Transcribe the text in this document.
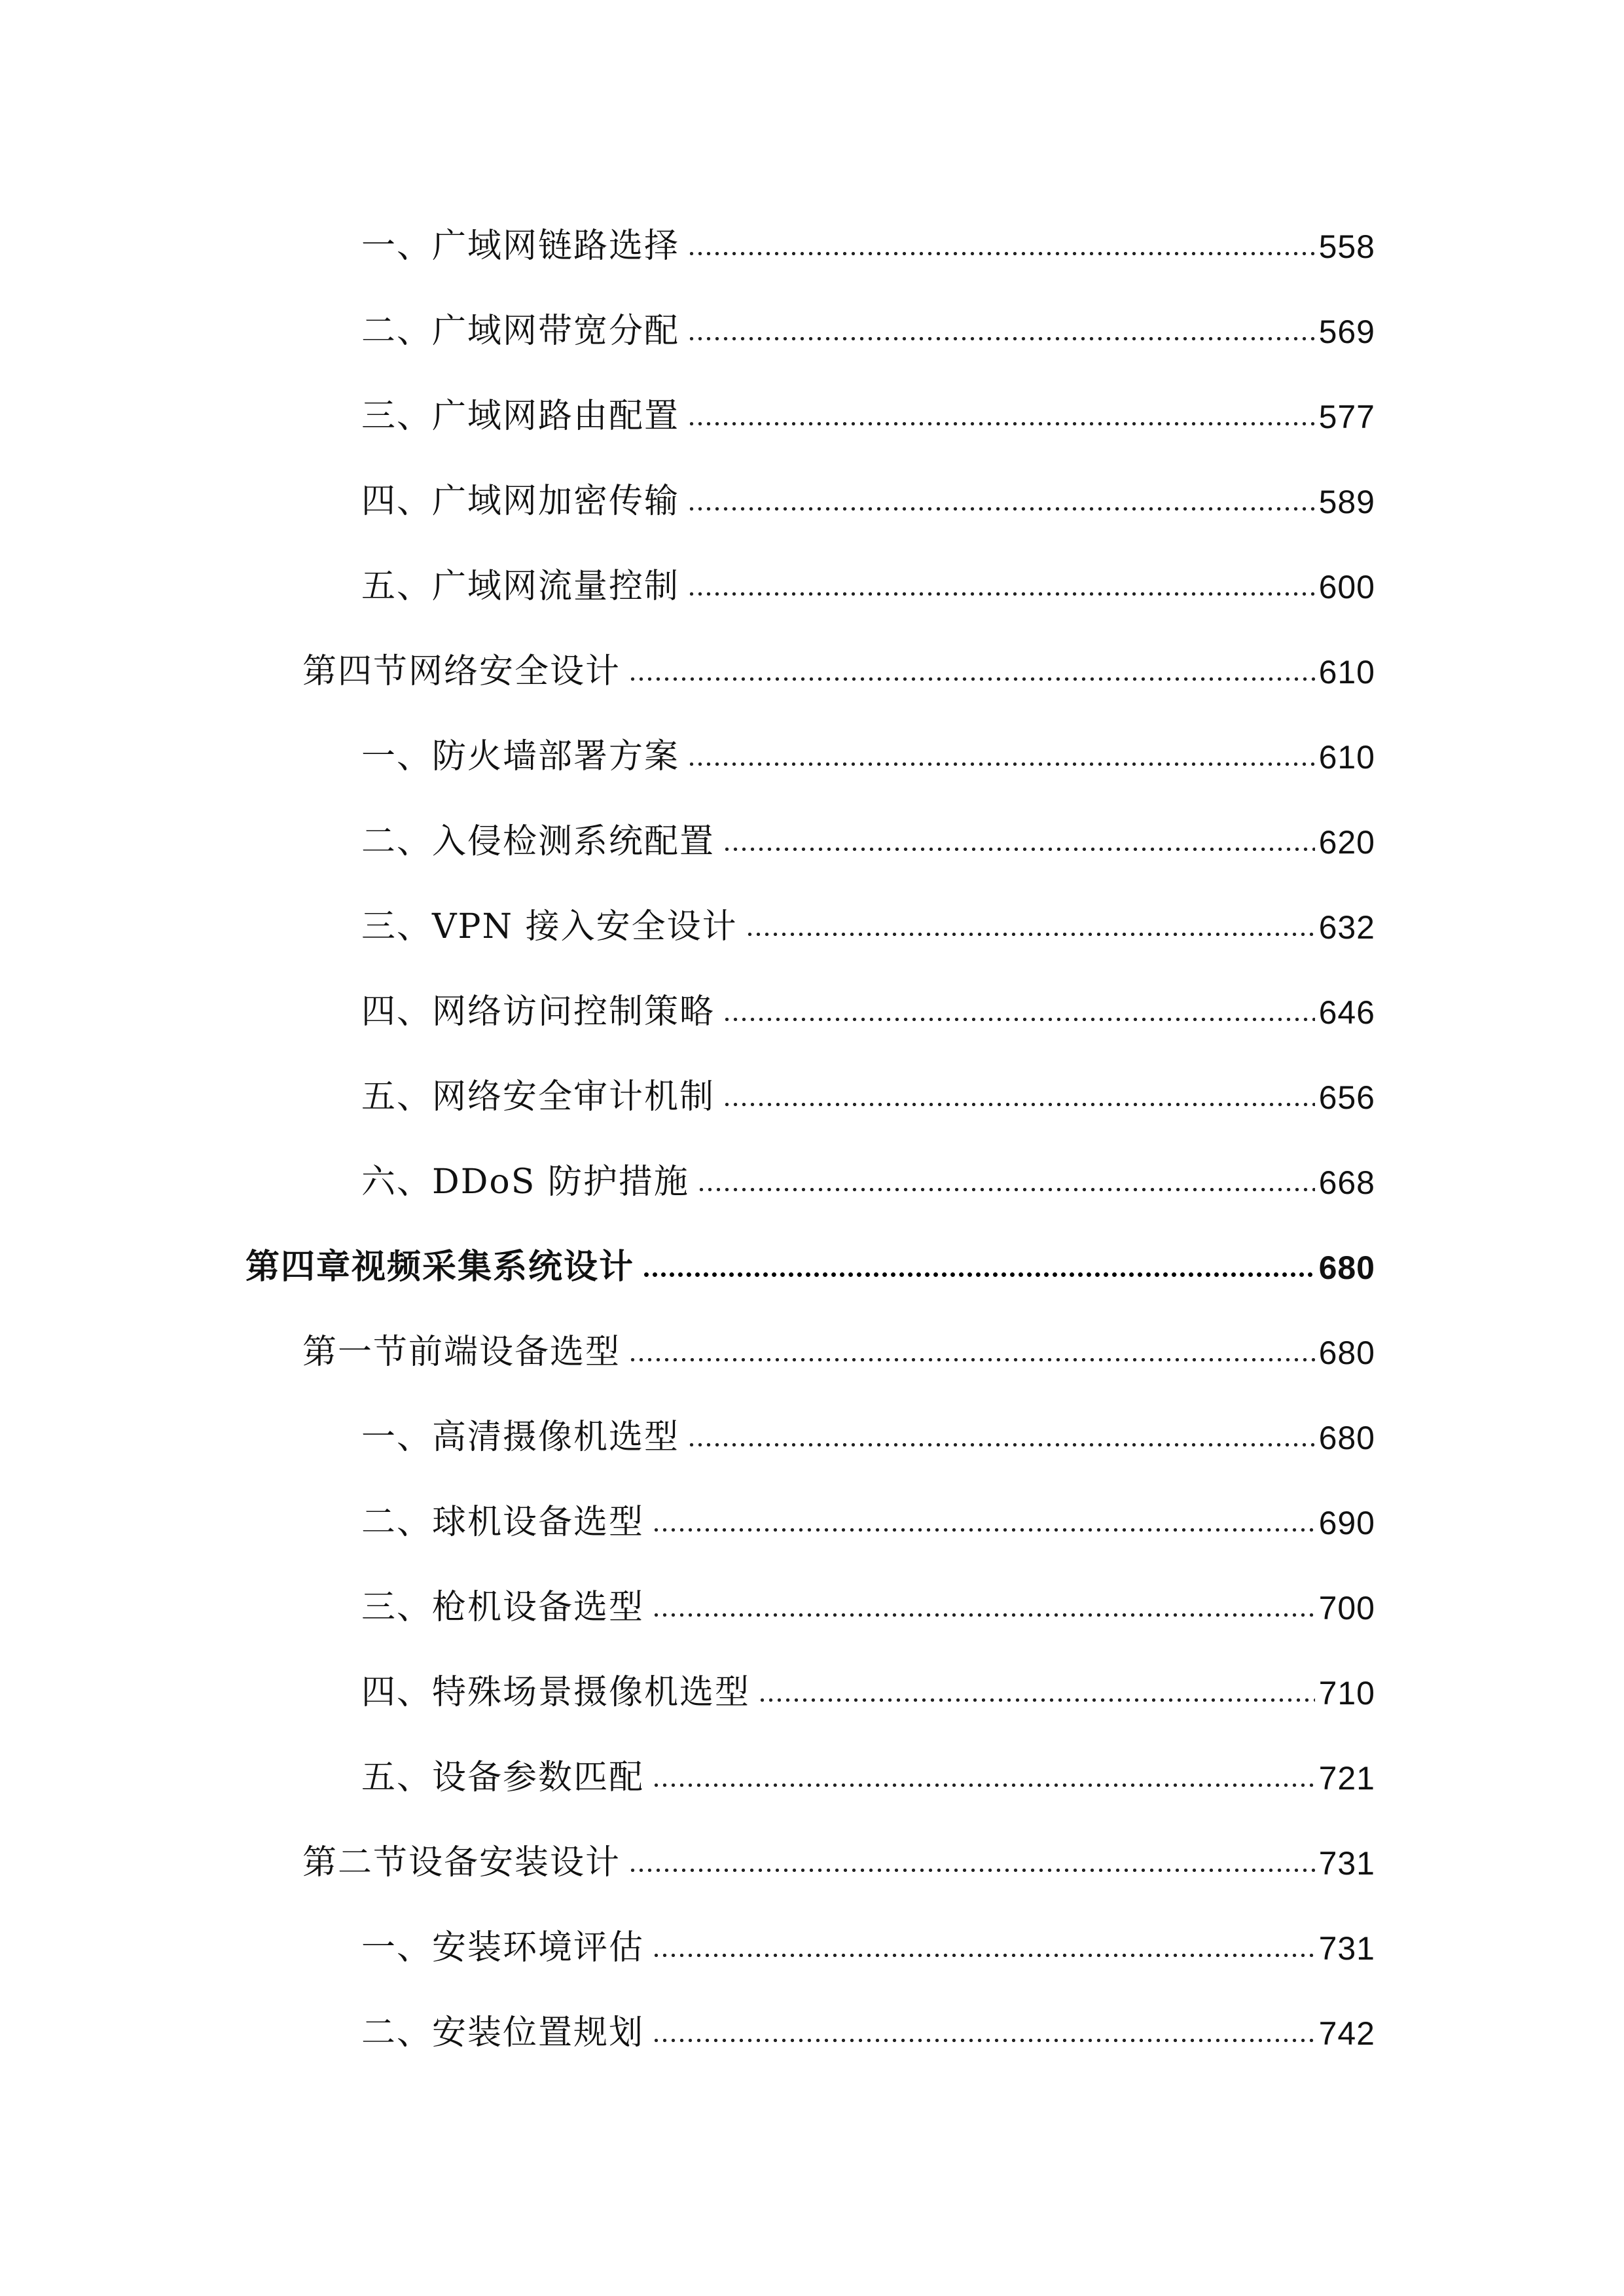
一、广域网链路选择	558
二、广域网带宽分配	569
三、广域网路由配置	577
四、广域网加密传输	589
五、广域网流量控制	600
第四节网络安全设计	610
一、防火墙部署方案	610
二、入侵检测系统配置	620
三、VPN 接入安全设计	632
四、网络访问控制策略	646
五、网络安全审计机制	656
六、DDoS 防护措施	668
第四章视频采集系统设计	680
第一节前端设备选型	680
一、高清摄像机选型	680
二、球机设备选型	690
三、枪机设备选型	700
四、特殊场景摄像机选型	710
五、设备参数匹配	721
第二节设备安装设计	731
一、安装环境评估	731
二、安装位置规划	742
